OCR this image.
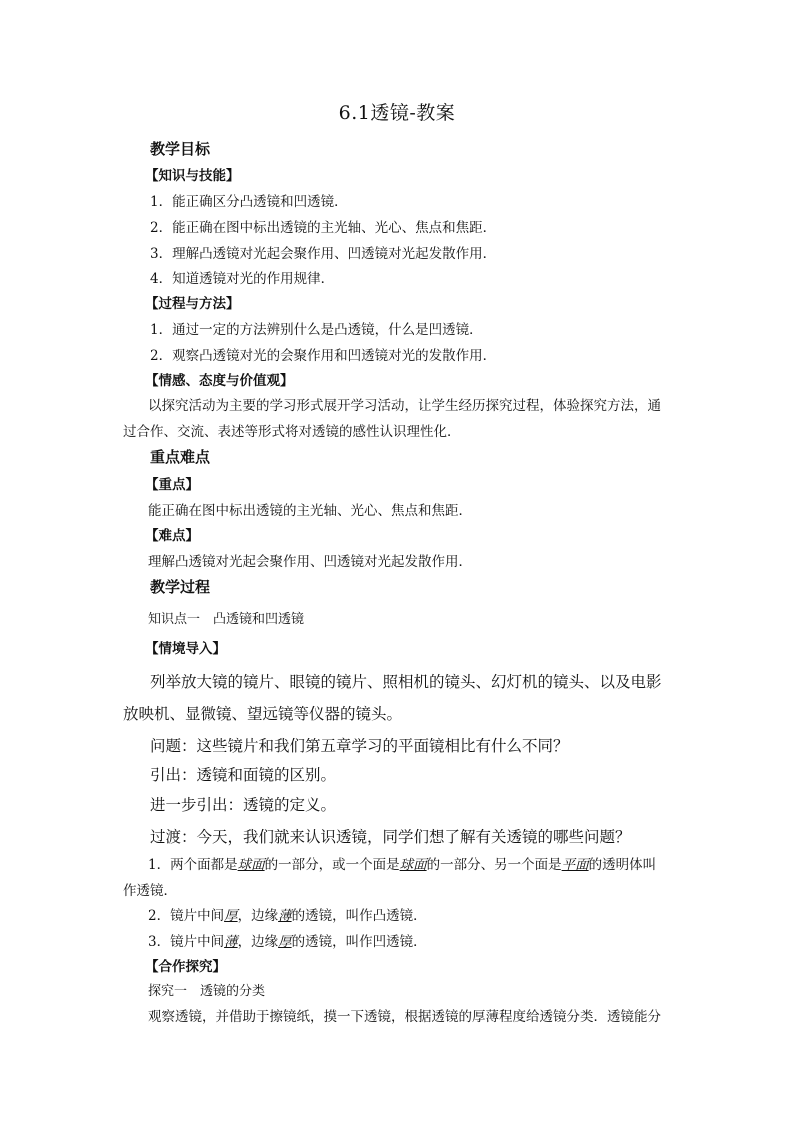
6.1透镜-教案
教学目标
【知识与技能】
1．能正确区分凸透镜和凹透镜．
2．能正确在图中标出透镜的主光轴、光心、焦点和焦距．
3．理解凸透镜对光起会聚作用、凹透镜对光起发散作用．
4．知道透镜对光的作用规律．
【过程与方法】
1．通过一定的方法辨别什么是凸透镜，什么是凹透镜．
2．观察凸透镜对光的会聚作用和凹透镜对光的发散作用．
【情感、态度与价值观】
以探究活动为主要的学习形式展开学习活动，让学生经历探究过程，体验探究方法，通
过合作、交流、表述等形式将对透镜的感性认识理性化．
重点难点
【重点】
能正确在图中标出透镜的主光轴、光心、焦点和焦距．
【难点】
理解凸透镜对光起会聚作用、凹透镜对光起发散作用．
教学过程
知识点一　凸透镜和凹透镜
【情境导入】
列举放大镜的镜片、眼镜的镜片、照相机的镜头、幻灯机的镜头、以及电影
放映机、显微镜、望远镜等仪器的镜头。
问题：这些镜片和我们第五章学习的平面镜相比有什么不同？
引出：透镜和面镜的区别。
进一步引出：透镜的定义。
过渡：今天，我们就来认识透镜，同学们想了解有关透镜的哪些问题？
1．两个面都是球面的一部分，或一个面是球面的一部分、另一个面是平面的透明体叫
作透镜．
2．镜片中间厚，边缘薄的透镜，叫作凸透镜．
3．镜片中间薄，边缘厚的透镜，叫作凹透镜．
【合作探究】
探究一　透镜的分类
观察透镜，并借助于擦镜纸，摸一下透镜，根据透镜的厚薄程度给透镜分类．透镜能分
